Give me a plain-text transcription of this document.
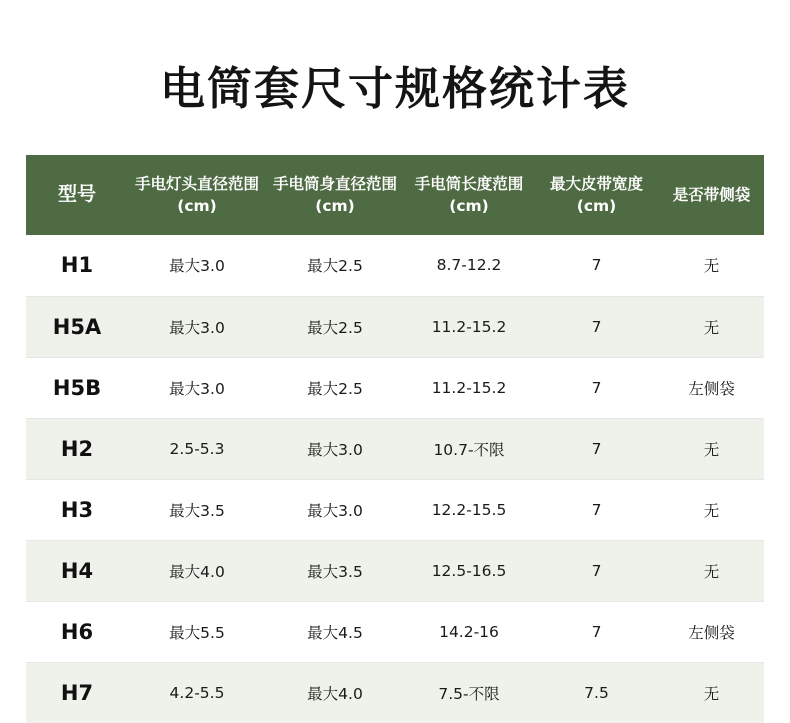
电筒套尺寸规格统计表
型号	手电灯头直径范围(cm)	手电筒身直径范围(cm)	手电筒长度范围(cm)	最大皮带宽度(cm)	是否带侧袋
H1	最大3.0	最大2.5	8.7-12.2	7	无
H5A	最大3.0	最大2.5	11.2-15.2	7	无
H5B	最大3.0	最大2.5	11.2-15.2	7	左侧袋
H2	2.5-5.3	最大3.0	10.7-不限	7	无
H3	最大3.5	最大3.0	12.2-15.5	7	无
H4	最大4.0	最大3.5	12.5-16.5	7	无
H6	最大5.5	最大4.5	14.2-16	7	左侧袋
H7	4.2-5.5	最大4.0	7.5-不限	7.5	无
